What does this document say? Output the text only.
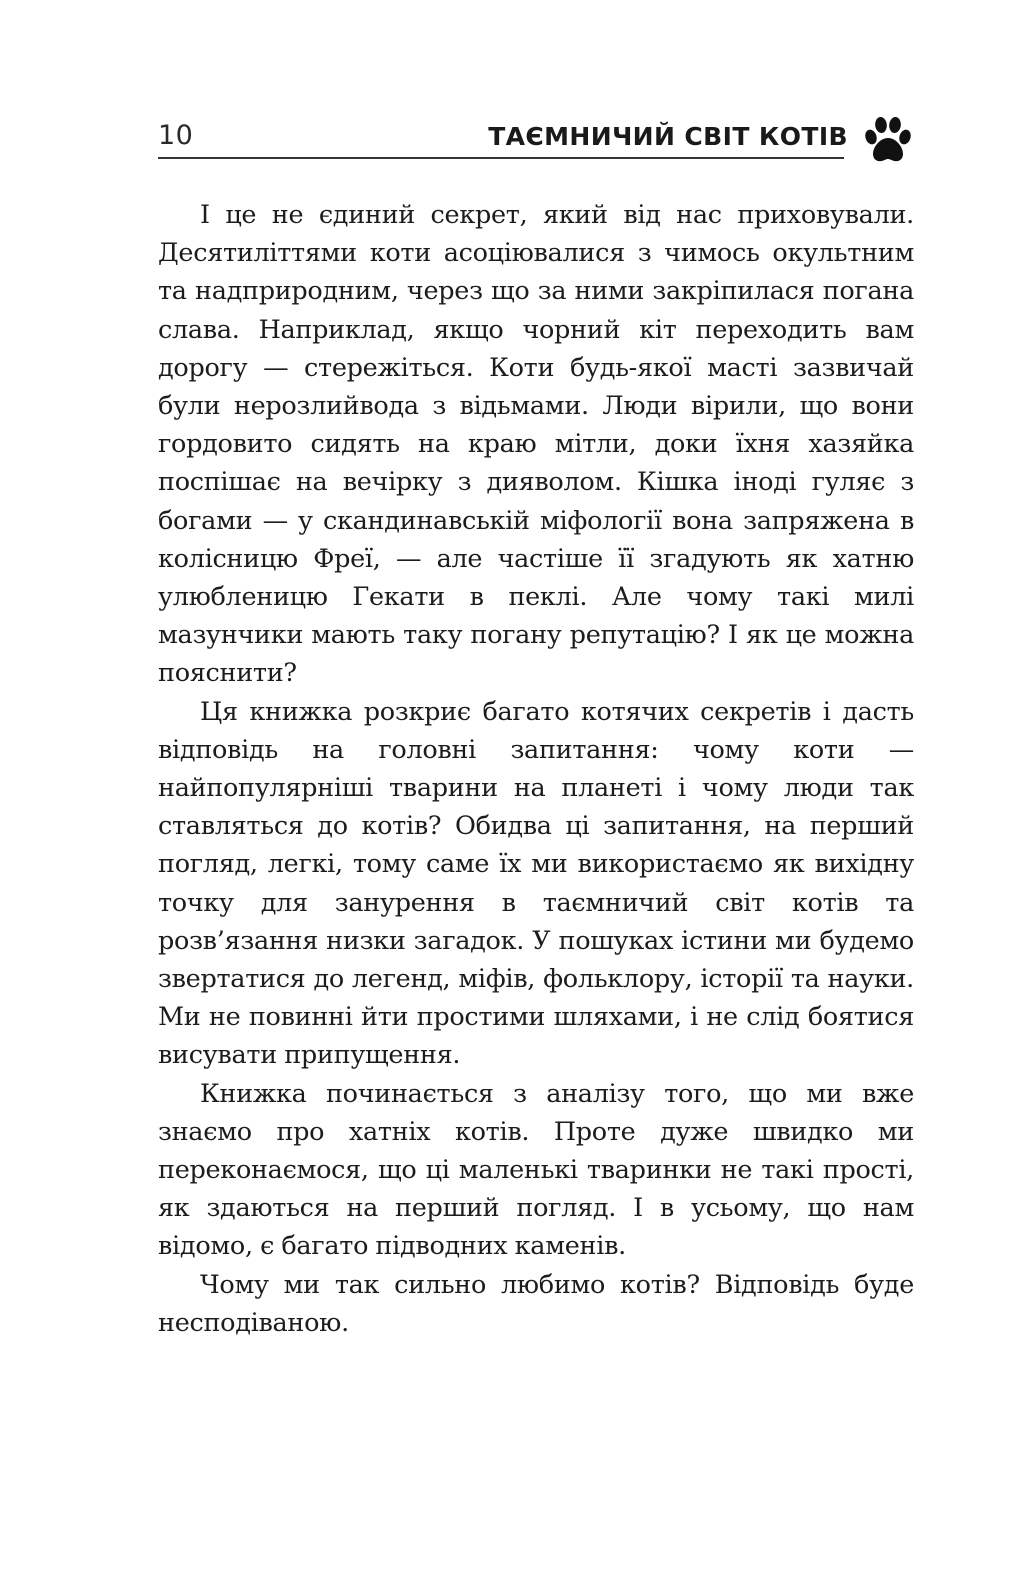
10	ТАЄМНИЧИЙ СВІТ КОТІВ

І це не єдиний секрет, який від нас приховували. Десятиліттями коти асоціювалися з чимось окультним та надприродним, через що за ними закріпилася погана слава. Наприклад, якщо чорний кіт переходить вам дорогу — стережіться. Коти будь-якої масті зазвичай були нерозлийвода з відьмами. Люди вірили, що вони гордовито сидять на краю мітли, доки їхня хазяйка поспішає на вечірку з дияволом. Кішка іноді гуляє з богами — у скандинавській міфології вона запряжена в колісницю Фреї, — але частіше її згадують як хатню улюбленицю Гекати в пеклі. Але чому такі милі мазунчики мають таку погану репутацію? І як це можна пояснити?

Ця книжка розкриє багато котячих секретів і дасть відповідь на головні запитання: чому коти — найпопулярніші тварини на планеті і чому люди так ставляться до котів? Обидва ці запитання, на перший погляд, легкі, тому саме їх ми використаємо як вихідну точку для занурення в таємничий світ котів та розв’язання низки загадок. У пошуках істини ми будемо звертатися до легенд, міфів, фольклору, історії та науки. Ми не повинні йти простими шляхами, і не слід боятися висувати припущення.

Книжка починається з аналізу того, що ми вже знаємо про хатніх котів. Проте дуже швидко ми переконаємося, що ці маленькі тваринки не такі прості, як здаються на перший погляд. І в усьому, що нам відомо, є багато підводних каменів.

Чому ми так сильно любимо котів? Відповідь буде несподіваною.
